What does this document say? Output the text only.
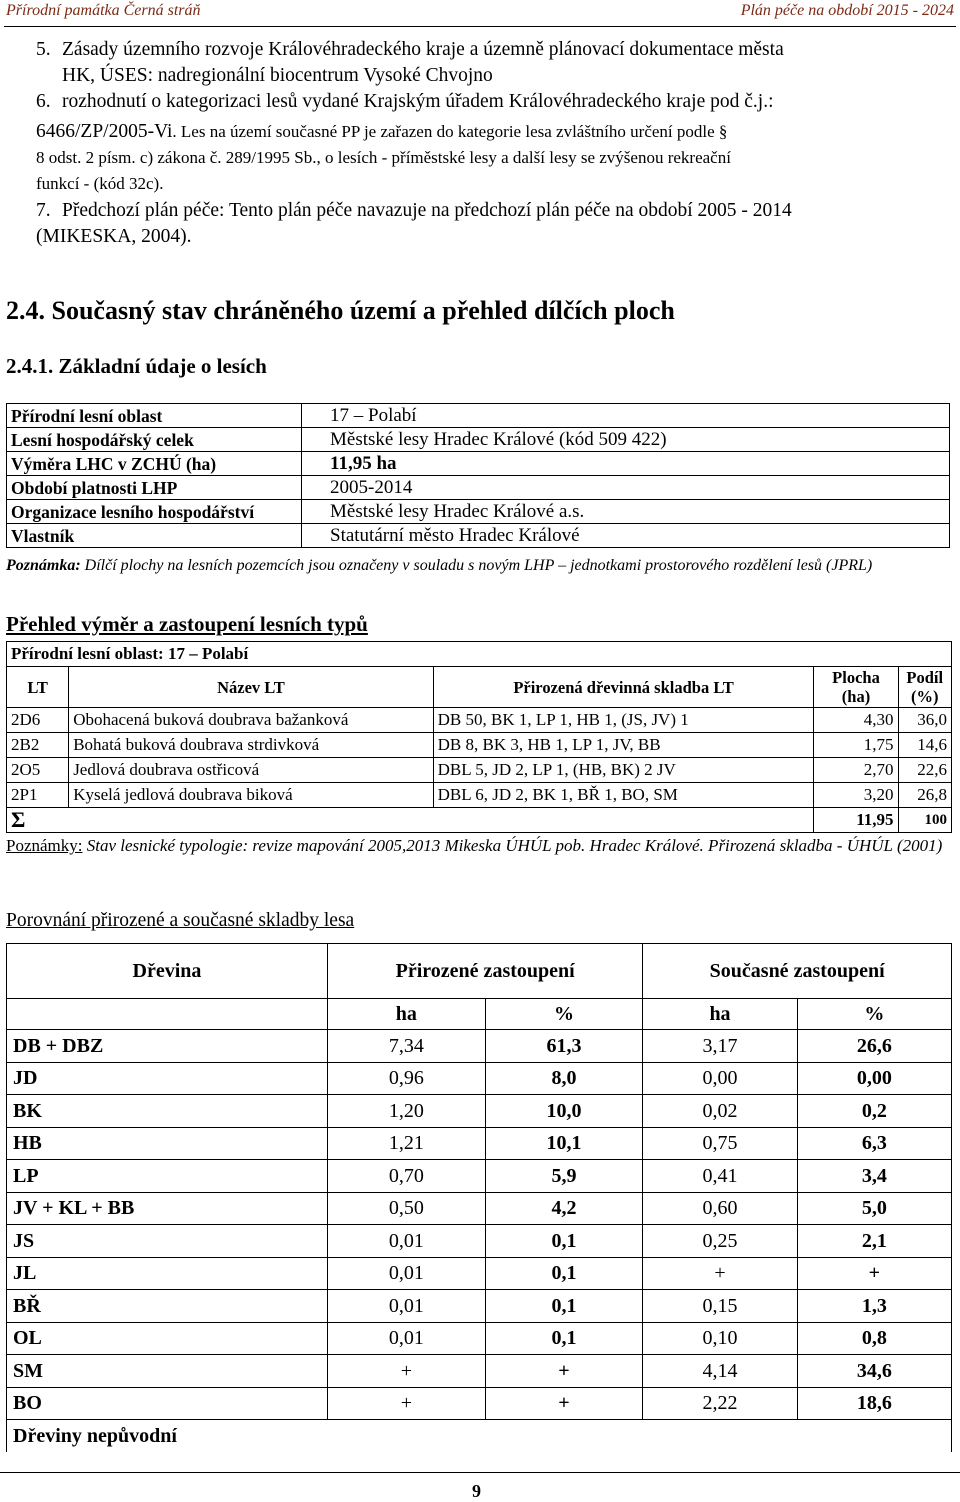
Přírodní památka Černá stráň	Plán péče na období 2015 - 2024
5. Zásady územního rozvoje Královéhradeckého kraje a územně plánovací dokumentace města
HK, ÚSES: nadregionální biocentrum Vysoké Chvojno
6. rozhodnutí o kategorizaci lesů vydané Krajským úřadem Královéhradeckého kraje pod č.j.:
6466/ZP/2005-Vi. Les na území současné PP je zařazen do kategorie lesa zvláštního určení podle §
8 odst. 2 písm. c) zákona č. 289/1995 Sb., o lesích - příměstské lesy a další lesy se zvýšenou rekreační
funkcí - (kód 32c).
7. Předchozí plán péče: Tento plán péče navazuje na předchozí plán péče na období 2005 - 2014
(MIKESKA, 2004).
2.4. Současný stav chráněného území a přehled dílčích ploch
2.4.1. Základní údaje o lesích
Přírodní lesní oblast	17 – Polabí
Lesní hospodářský celek	Městské lesy Hradec Králové (kód 509 422)
Výměra LHC v ZCHÚ (ha)	11,95 ha
Období platnosti LHP	2005-2014
Organizace lesního hospodářství	Městské lesy Hradec Králové a.s.
Vlastník	Statutární město Hradec Králové
Poznámka: Dílčí plochy na lesních pozemcích jsou označeny v souladu s novým LHP – jednotkami prostorového rozdělení lesů (JPRL)
Přehled výměr a zastoupení lesních typů
Přírodní lesní oblast: 17 – Polabí				
LT	Název LT	Přirozená dřevinná skladba LT	Plocha (ha)	Podíl (%)
2D6	Obohacená buková doubrava bažanková	DB 50, BK 1, LP 1, HB 1, (JS, JV) 1	4,30	36,0
2B2	Bohatá buková doubrava strdivková	DB 8, BK 3, HB 1, LP 1, JV, BB	1,75	14,6
2O5	Jedlová doubrava ostřicová	DBL 5, JD 2, LP 1, (HB, BK) 2 JV	2,70	22,6
2P1	Kyselá jedlová doubrava biková	DBL 6, JD 2, BK 1, BŘ 1, BO, SM	3,20	26,8
Σ			11,95	100
Poznámky: Stav lesnické typologie: revize mapování 2005,2013 Mikeska ÚHÚL pob. Hradec Králové. Přirozená skladba - ÚHÚL (2001)
Porovnání přirozené a současné skladby lesa
Dřevina	Přirozené zastoupení		Současné zastoupení	
	ha	%	ha	%
DB + DBZ	7,34	61,3	3,17	26,6
JD	0,96	8,0	0,00	0,00
BK	1,20	10,0	0,02	0,2
HB	1,21	10,1	0,75	6,3
LP	0,70	5,9	0,41	3,4
JV + KL + BB	0,50	4,2	0,60	5,0
JS	0,01	0,1	0,25	2,1
JL	0,01	0,1	+	+
BŘ	0,01	0,1	0,15	1,3
OL	0,01	0,1	0,10	0,8
SM	+	+	4,14	34,6
BO	+	+	2,22	18,6
Dřeviny nepůvodní				
9
